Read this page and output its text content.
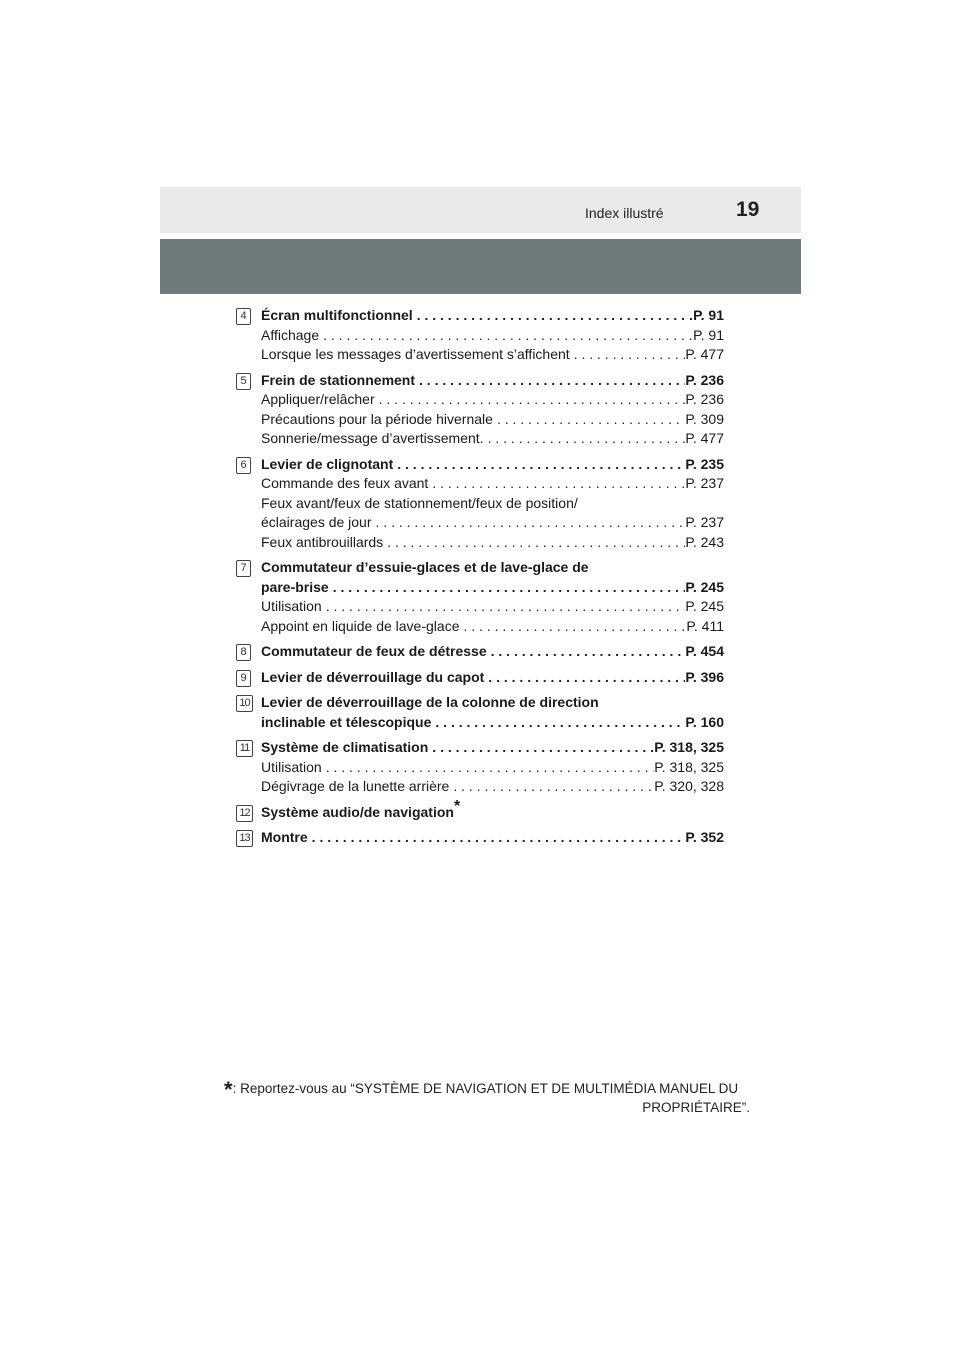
Index illustré	19
4	Écran multifonctionnel . . .	P. 91
Affichage . . .	P. 91
Lorsque les messages d’avertissement s’affichent . . .	P. 477
5	Frein de stationnement . . .	P. 236
Appliquer/relâcher . . .	P. 236
Précautions pour la période hivernale . . .	P. 309
Sonnerie/message d’avertissement. . . .	P. 477
6	Levier de clignotant . . .	P. 235
Commande des feux avant . . .	P. 237
Feux avant/feux de stationnement/feux de position/
éclairages de jour . . .	P. 237
Feux antibrouillards . . .	P. 243
7	Commutateur d’essuie-glaces et de lave-glace de
pare-brise . . .	P. 245
Utilisation . . .	P. 245
Appoint en liquide de lave-glace . . .	P. 411
8	Commutateur de feux de détresse . . .	P. 454
9	Levier de déverrouillage du capot . . .	P. 396
10 Levier de déverrouillage de la colonne de direction
inclinable et télescopique . . .	P. 160
11 Système de climatisation . . .	P. 318, 325
Utilisation . . .	P. 318, 325
Dégivrage de la lunette arrière . . .	P. 320, 328
12 Système audio/de navigation*
13 Montre . . .	P. 352
*: Reportez-vous au “SYSTÈME DE NAVIGATION ET DE MULTIMÉDIA MANUEL DU
PROPRIÉTAIRE”.
